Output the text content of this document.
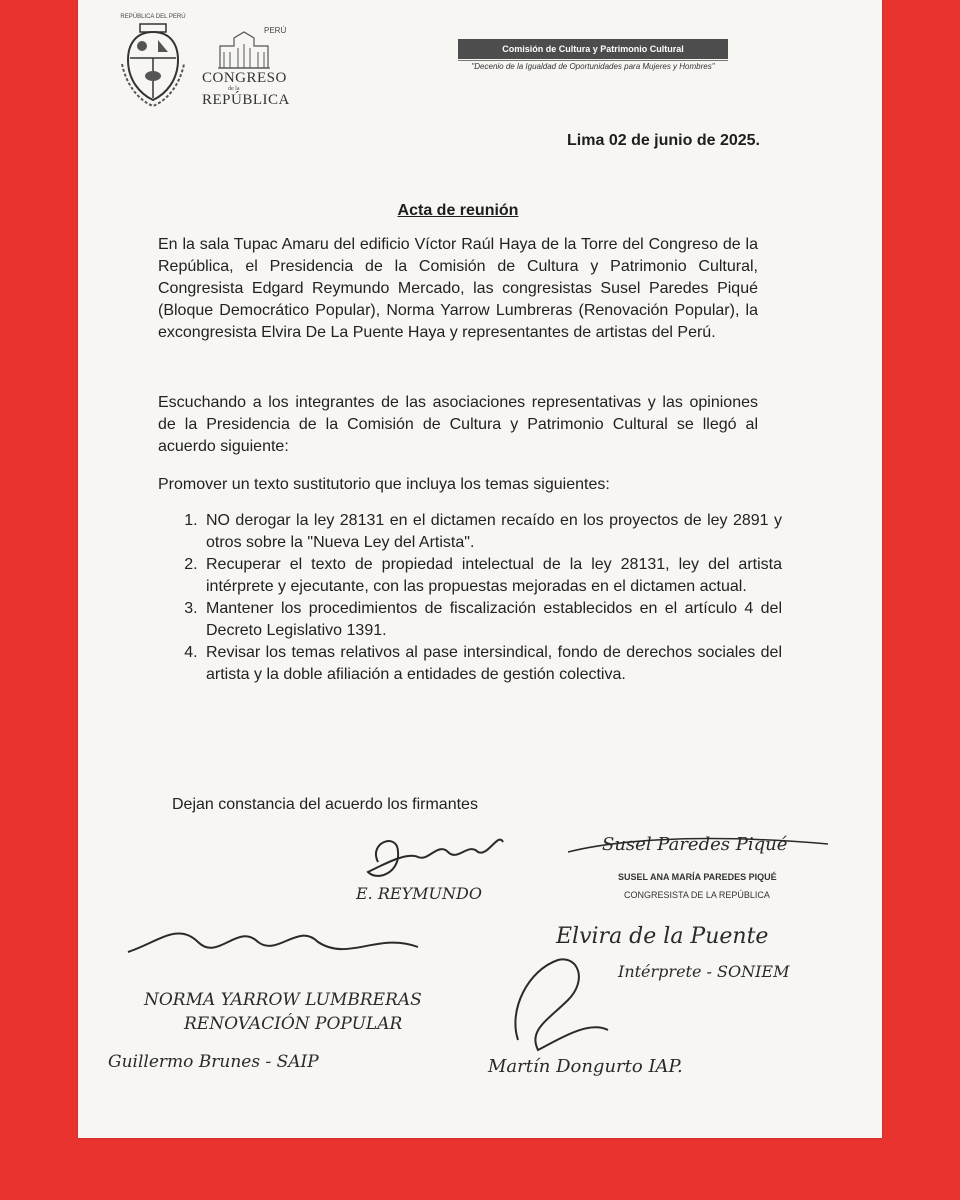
REPÚBLICA DEL PERÚ
PERÚ
CONGRESO
de la
REPÚBLICA
Comisión de Cultura y Patrimonio Cultural
"Decenio de la Igualdad de Oportunidades para Mujeres y Hombres"
Lima 02 de junio de 2025.
Acta de reunión
En la sala Tupac Amaru del edificio Víctor Raúl Haya de la Torre del Congreso de la República, el Presidencia de la Comisión de Cultura y Patrimonio Cultural, Congresista Edgard Reymundo Mercado, las congresistas Susel Paredes Piqué (Bloque Democrático Popular), Norma Yarrow Lumbreras (Renovación Popular), la excongresista Elvira De La Puente Haya y representantes de artistas del Perú.
Escuchando a los integrantes de las asociaciones representativas y las opiniones de la Presidencia de la Comisión de Cultura y Patrimonio Cultural se llegó al acuerdo siguiente:
Promover un texto sustitutorio que incluya los temas siguientes:
1. NO derogar la ley 28131 en el dictamen recaído en los proyectos de ley 2891 y otros sobre la "Nueva Ley del Artista".
2. Recuperar el texto de propiedad intelectual de la ley 28131, ley del artista intérprete y ejecutante, con las propuestas mejoradas en el dictamen actual.
3. Mantener los procedimientos de fiscalización establecidos en el artículo 4 del Decreto Legislativo 1391.
4. Revisar los temas relativos al pase intersindical, fondo de derechos sociales del artista y la doble afiliación a entidades de gestión colectiva.
Dejan constancia del acuerdo los firmantes
E. REYMUNDO
Susel Paredes Piqué
SUSEL ANA MARÍA PAREDES PIQUÉ
CONGRESISTA DE LA REPÚBLICA
NORMA YARROW LUMBRERAS
RENOVACIÓN POPULAR
Elvira de la Puente
Intérprete - SONIEM
Guillermo Brunes - SAIP	Martín Dongurto IAP.
